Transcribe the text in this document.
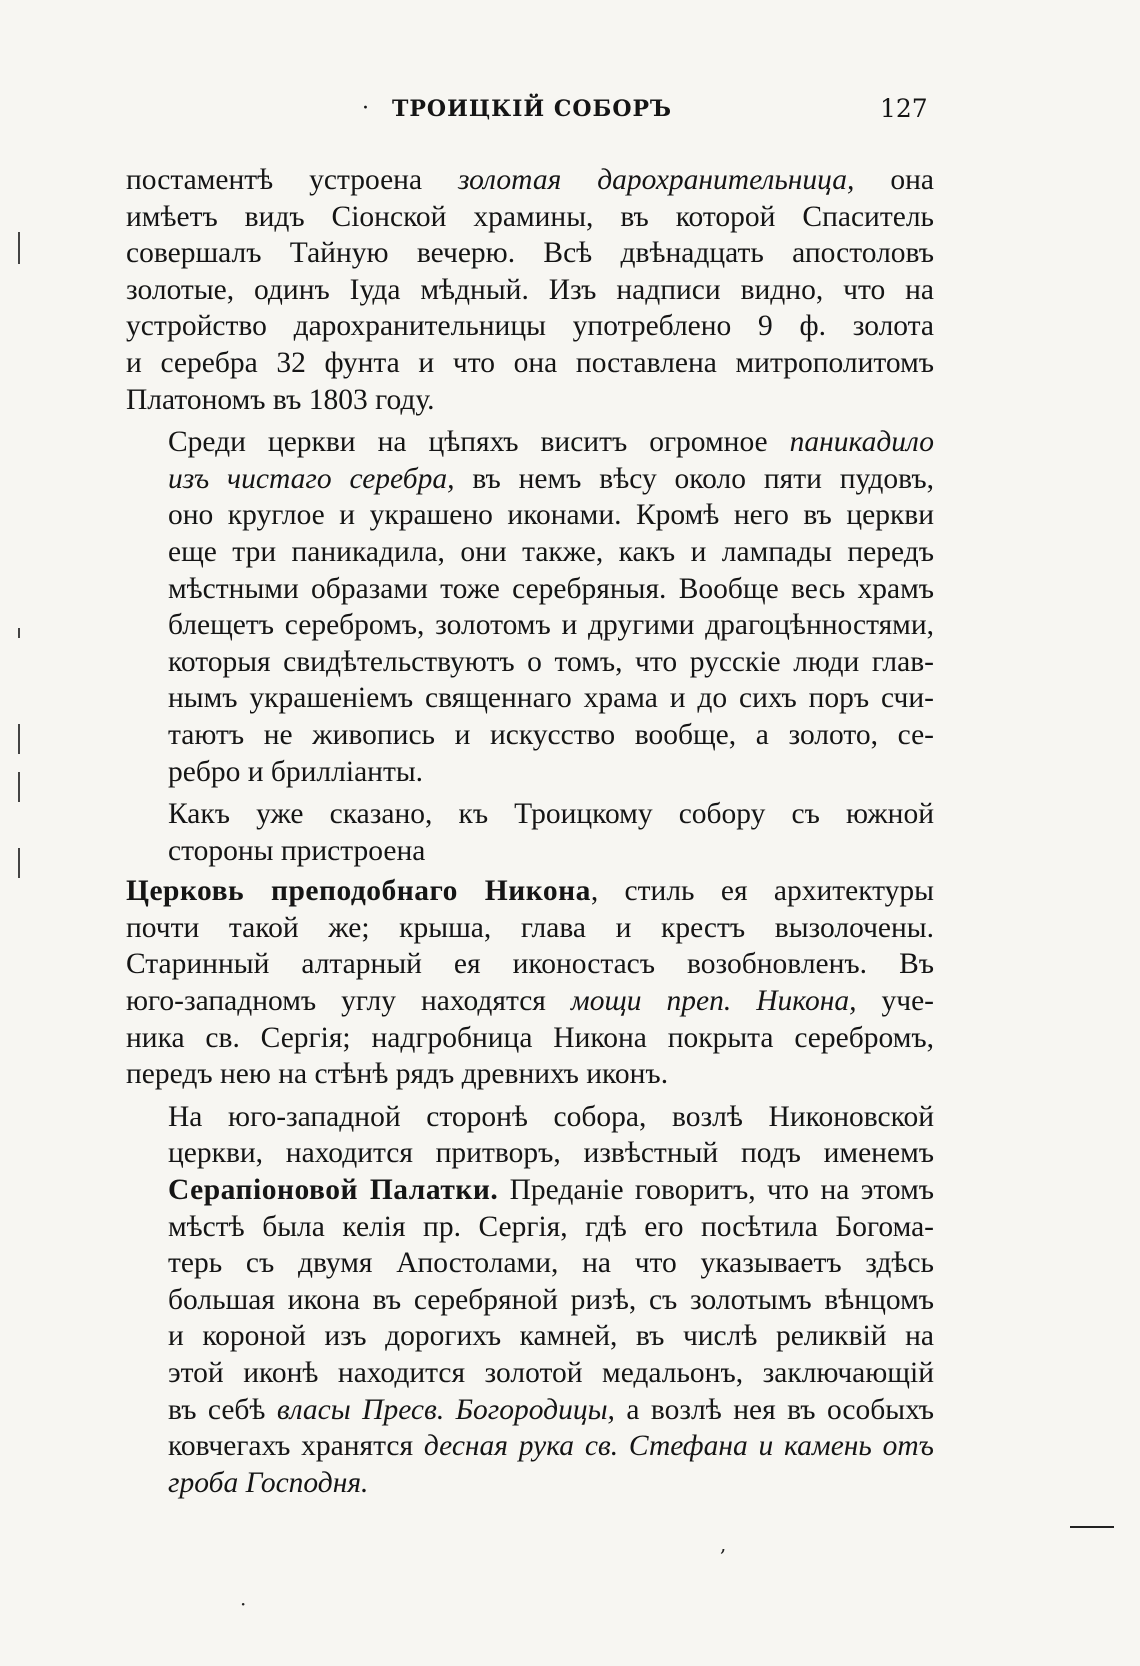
· ТРОИЦКІЙ СОБОРЪ	127
постаментѣ устроена золотая дарохранительница, она
имѣетъ видъ Сіонской храмины, въ которой Спаситель
совершалъ Тайную вечерю. Всѣ двѣнадцать апостоловъ
золотые, одинъ Іуда мѣдный. Изъ надписи видно, что на
устройство дарохранительницы употреблено 9 ф. золота
и серебра 32 фунта и что она поставлена митрополитомъ
Платономъ въ 1803 году.
Среди церкви на цѣпяхъ виситъ огромное паникадило
изъ чистаго серебра, въ немъ вѣсу около пяти пудовъ,
оно круглое и украшено иконами. Кромѣ него въ церкви
еще три паникадила, они также, какъ и лампады передъ
мѣстными образами тоже серебряныя. Вообще весь храмъ
блещетъ серебромъ, золотомъ и другими драгоцѣнностями,
которыя свидѣтельствуютъ о томъ, что русскіе люди глав-
нымъ украшеніемъ священнаго храма и до сихъ поръ счи-
таютъ не живопись и искусство вообще, а золото, се-
ребро и брилліанты.
Какъ уже сказано, къ Троицкому собору съ южной
стороны пристроена
Церковь преподобнаго Никона, стиль ея архитектуры
почти такой же; крыша, глава и крестъ вызолочены.
Старинный алтарный ея иконостасъ возобновленъ. Въ
юго-западномъ углу находятся мощи преп. Никона, уче-
ника св. Сергія; надгробница Никона покрыта серебромъ,
передъ нею на стѣнѣ рядъ древнихъ иконъ.
На юго-западной сторонѣ собора, возлѣ Никоновской
церкви, находится притворъ, извѣстный подъ именемъ
Серапіоновой Палатки. Преданіе говоритъ, что на этомъ
мѣстѣ была келія пр. Сергія, гдѣ его посѣтила Богома-
терь съ двумя Апостолами, на что указываетъ здѣсь
большая икона въ серебряной ризѣ, съ золотымъ вѣнцомъ
и короной изъ дорогихъ камней, въ числѣ реликвій на
этой иконѣ находится золотой медальонъ, заключающій
въ себѣ власы Пресв. Богородицы, а возлѣ нея въ особыхъ
ковчегахъ хранятся десная рука св. Стефана и камень отъ
гроба Господня.
,
·
